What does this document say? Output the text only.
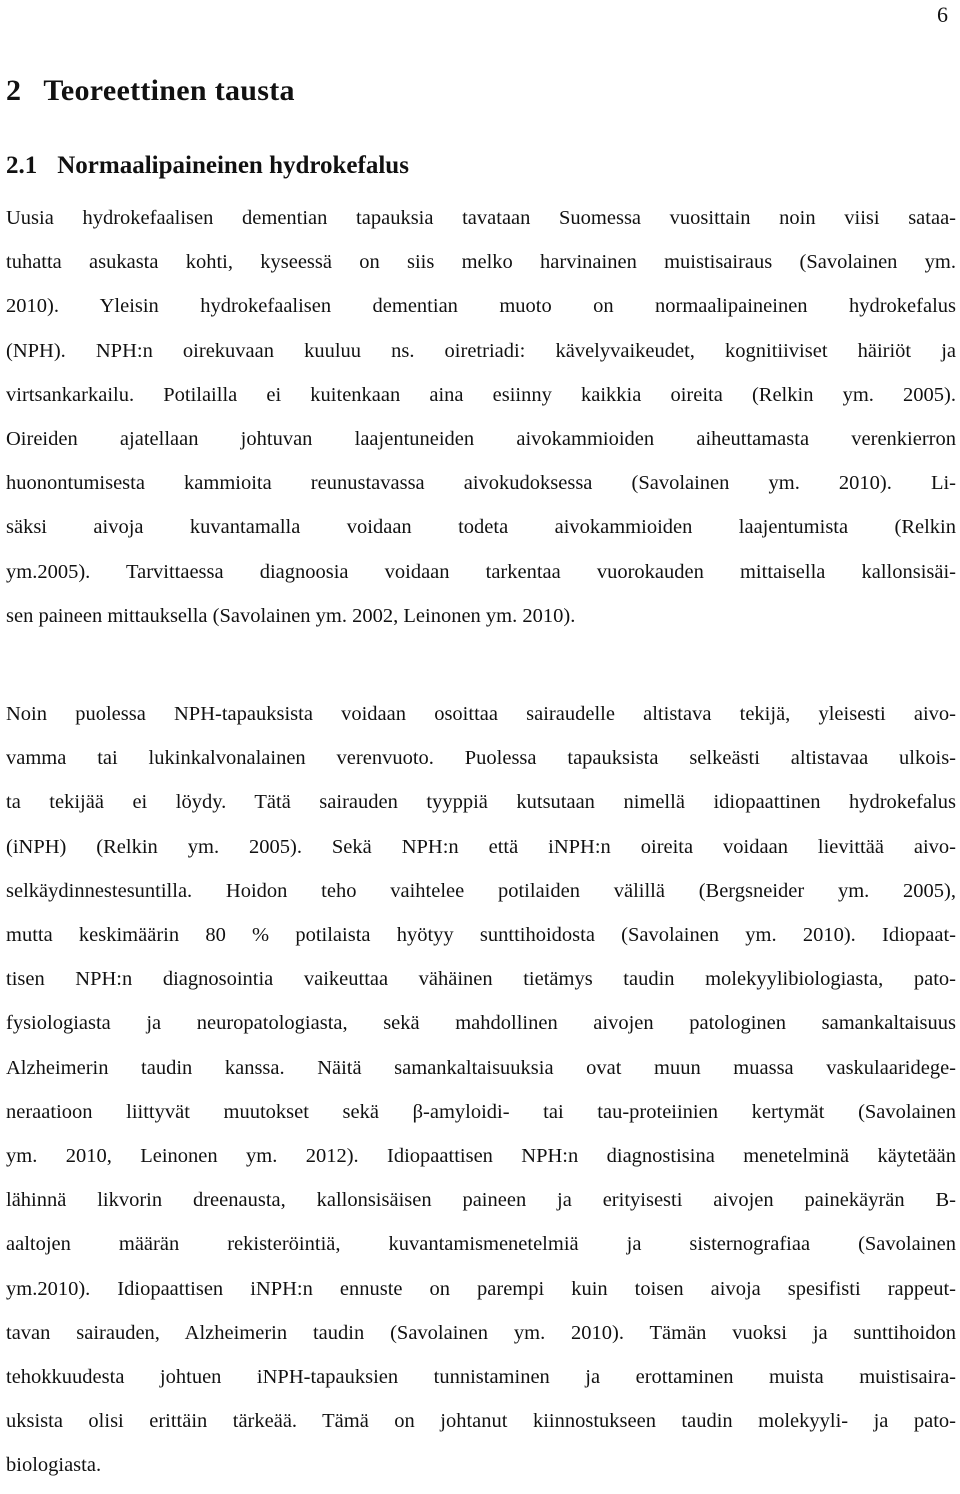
6
2 Teoreettinen tausta
2.1 Normaalipaineinen hydrokefalus
Uusia hydrokefaalisen dementian tapauksia tavataan Suomessa vuosittain noin viisi sataa-
tuhatta asukasta kohti, kyseessä on siis melko harvinainen muistisairaus (Savolainen ym.
2010). Yleisin hydrokefaalisen dementian muoto on normaalipaineinen hydrokefalus
(NPH). NPH:n oirekuvaan kuuluu ns. oiretriadi: kävelyvaikeudet, kognitiiviset häiriöt ja
virtsankarkailu. Potilailla ei kuitenkaan aina esiinny kaikkia oireita (Relkin ym. 2005).
Oireiden ajatellaan johtuvan laajentuneiden aivokammioiden aiheuttamasta verenkierron
huonontumisesta kammioita reunustavassa aivokudoksessa (Savolainen ym. 2010). Li-
säksi aivoja kuvantamalla voidaan todeta aivokammioiden laajentumista (Relkin
ym.2005). Tarvittaessa diagnoosia voidaan tarkentaa vuorokauden mittaisella kallonsisäi-
sen paineen mittauksella (Savolainen ym. 2002, Leinonen ym. 2010).
Noin puolessa NPH-tapauksista voidaan osoittaa sairaudelle altistava tekijä, yleisesti aivo-
vamma tai lukinkalvonalainen verenvuoto. Puolessa tapauksista selkeästi altistavaa ulkois-
ta tekijää ei löydy. Tätä sairauden tyyppiä kutsutaan nimellä idiopaattinen hydrokefalus
(iNPH) (Relkin ym. 2005). Sekä NPH:n että iNPH:n oireita voidaan lievittää aivo-
selkäydinnestesuntilla. Hoidon teho vaihtelee potilaiden välillä (Bergsneider ym. 2005),
mutta keskimäärin 80 % potilaista hyötyy sunttihoidosta (Savolainen ym. 2010). Idiopaat-
tisen NPH:n diagnosointia vaikeuttaa vähäinen tietämys taudin molekyylibiologiasta, pato-
fysiologiasta ja neuropatologiasta, sekä mahdollinen aivojen patologinen samankaltaisuus
Alzheimerin taudin kanssa. Näitä samankaltaisuuksia ovat muun muassa vaskulaaridege-
neraatioon liittyvät muutokset sekä β-amyloidi- tai tau-proteiinien kertymät (Savolainen
ym. 2010, Leinonen ym. 2012). Idiopaattisen NPH:n diagnostisina menetelminä käytetään
lähinnä likvorin dreenausta, kallonsisäisen paineen ja erityisesti aivojen painekäyrän B-
aaltojen määrän rekisteröintiä, kuvantamismenetelmiä ja sisternografiaa (Savolainen
ym.2010). Idiopaattisen iNPH:n ennuste on parempi kuin toisen aivoja spesifisti rappeut-
tavan sairauden, Alzheimerin taudin (Savolainen ym. 2010). Tämän vuoksi ja sunttihoidon
tehokkuudesta johtuen iNPH-tapauksien tunnistaminen ja erottaminen muista muistisaira-
uksista olisi erittäin tärkeää. Tämä on johtanut kiinnostukseen taudin molekyyli- ja pato-
biologiasta.
